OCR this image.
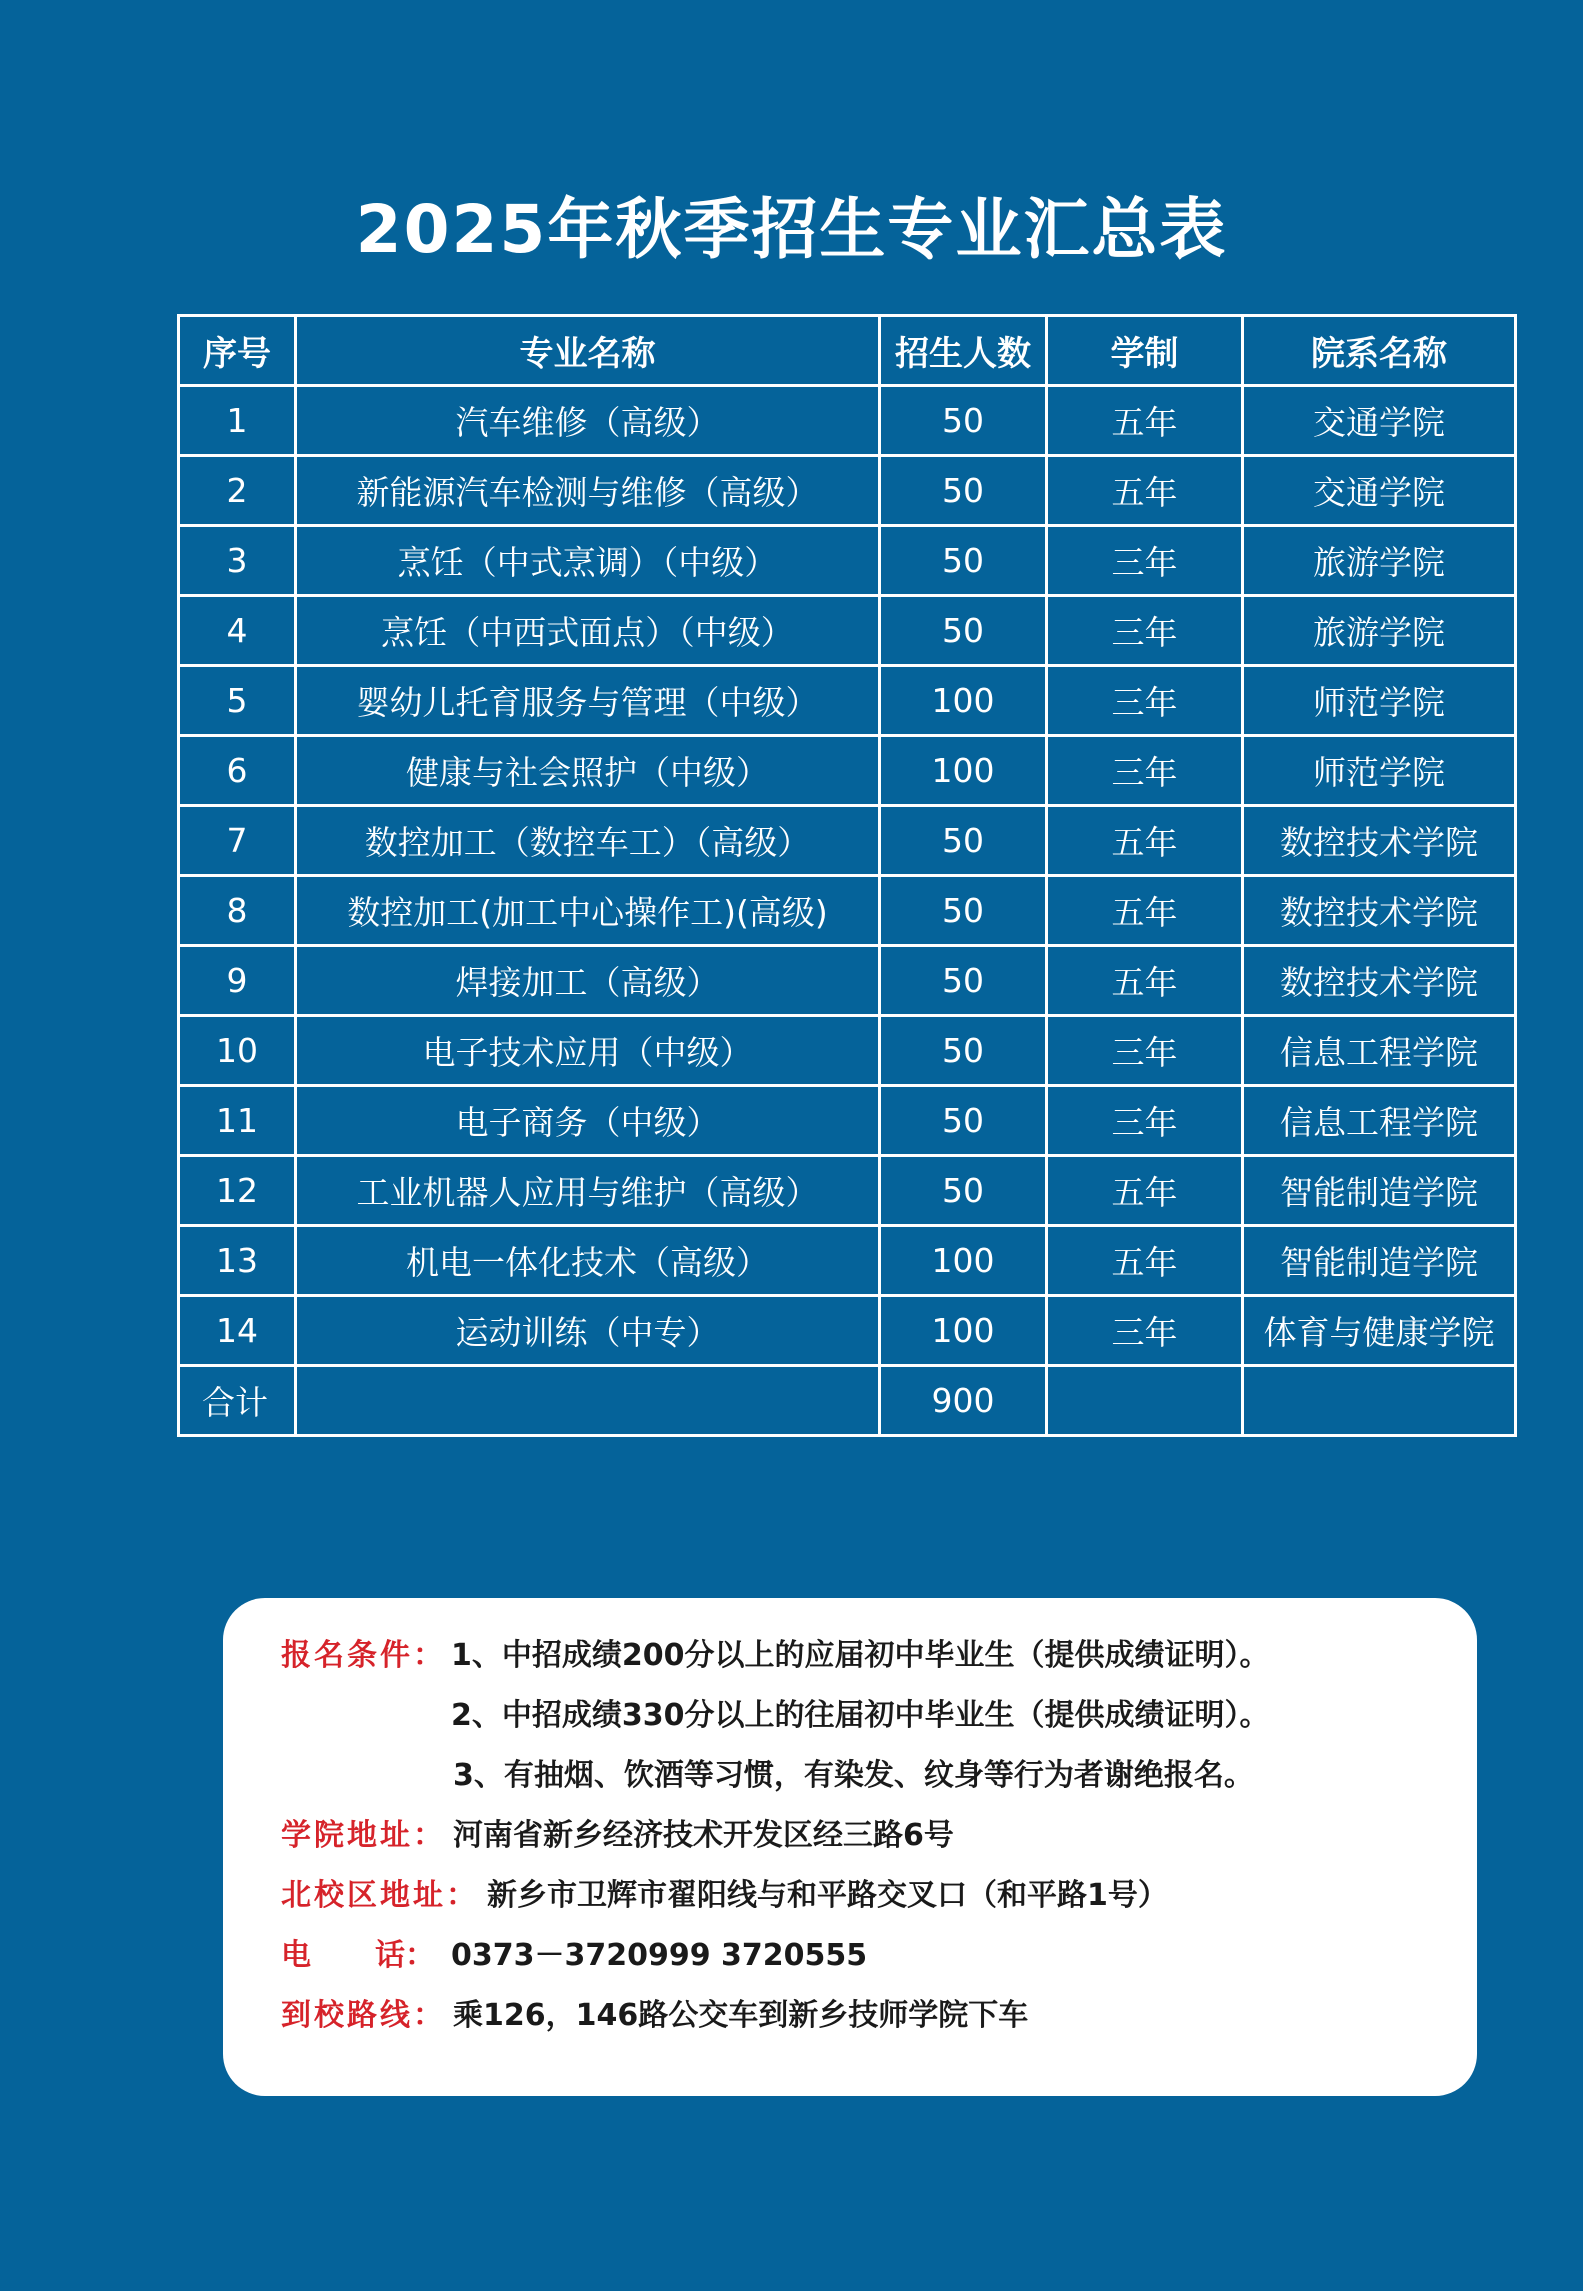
2025年秋季招生专业汇总表
序号	专业名称	招生人数	学制	院系名称
1	汽车维修（高级）	50	五年	交通学院
2	新能源汽车检测与维修（高级）	50	五年	交通学院
3	烹饪（中式烹调）（中级）	50	三年	旅游学院
4	烹饪（中西式面点）（中级）	50	三年	旅游学院
5	婴幼儿托育服务与管理（中级）	100	三年	师范学院
6	健康与社会照护（中级）	100	三年	师范学院
7	数控加工（数控车工）（高级）	50	五年	数控技术学院
8	数控加工(加工中心操作工)(高级)	50	五年	数控技术学院
9	焊接加工（高级）	50	五年	数控技术学院
10	电子技术应用（中级）	50	三年	信息工程学院
11	电子商务（中级）	50	三年	信息工程学院
12	工业机器人应用与维护（高级）	50	五年	智能制造学院
13	机电一体化技术（高级）	100	五年	智能制造学院
14	运动训练（中专）	100	三年	体育与健康学院
合计		900		
报名条件： 1、中招成绩200分以上的应届初中毕业生（提供成绩证明）。
2、中招成绩330分以上的往届初中毕业生（提供成绩证明）。
3、有抽烟、饮酒等习惯，有染发、纹身等行为者谢绝报名。
学院地址： 河南省新乡经济技术开发区经三路6号
北校区地址： 新乡市卫辉市翟阳线与和平路交叉口（和平路1号）
电 话： 0373－3720999 3720555
到校路线： 乘126，146路公交车到新乡技师学院下车
